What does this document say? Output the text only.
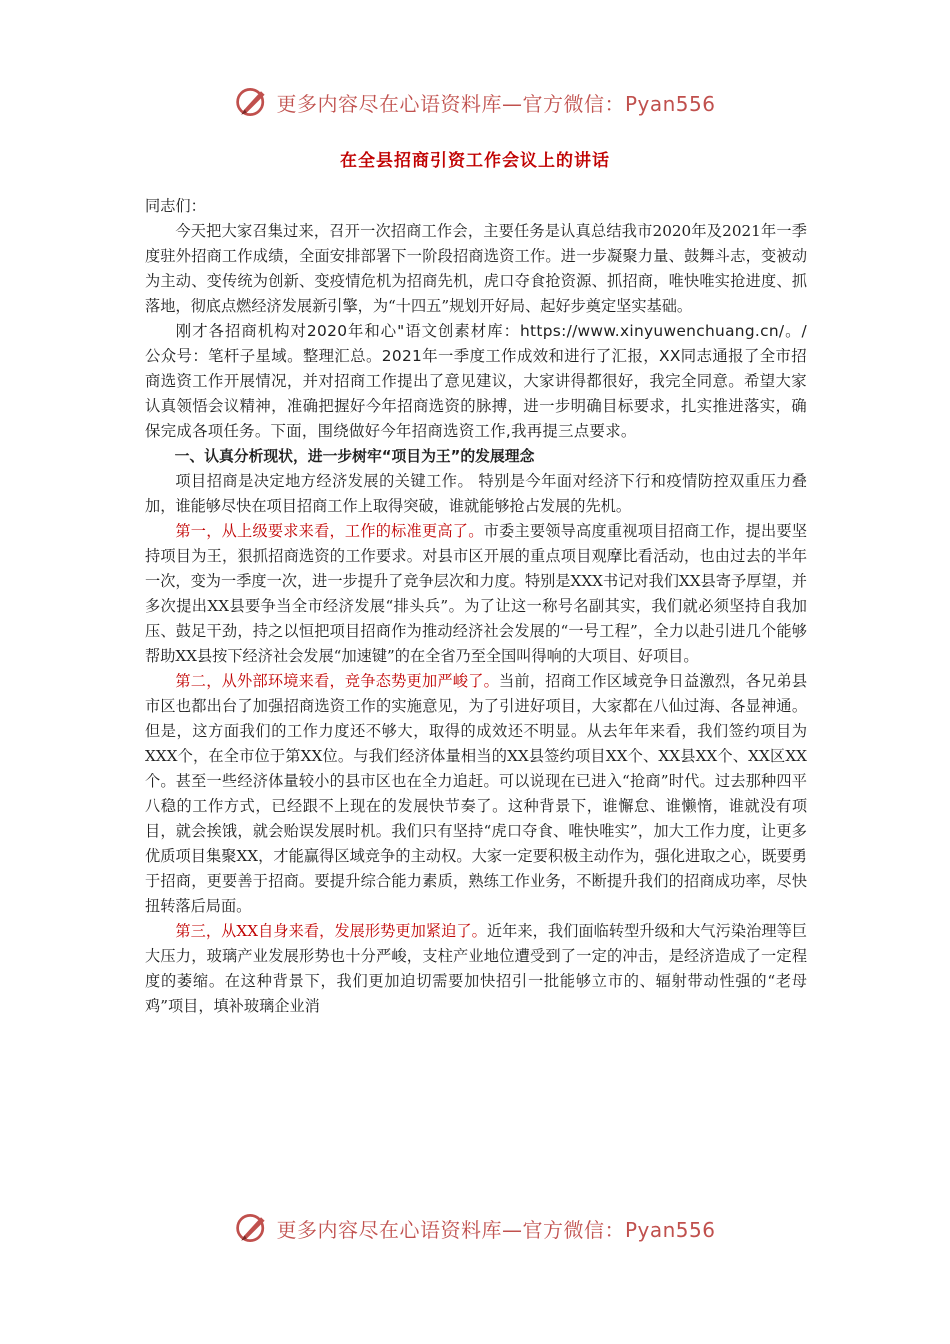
更多内容尽在心语资料库—官方微信：Pyan556
在全县招商引资工作会议上的讲话

同志们：

今天把大家召集过来，召开一次招商工作会，主要任务是认真总结我市2020年及2021年一季度驻外招商工作成绩，全面安排部署下一阶段招商选资工作。进一步凝聚力量、鼓舞斗志，变被动为主动、变传统为创新、变疫情危机为招商先机，虎口夺食抢资源、抓招商，唯快唯实抢进度、抓落地，彻底点燃经济发展新引擎，为“十四五”规划开好局、起好步奠定坚实基础。

刚才各招商机构对2020年和心"语文创素材库：https://www.xinyuwenchuang.cn/。/公众号：笔杆子星域。整理汇总。2021年一季度工作成效和进行了汇报，XX同志通报了全市招商选资工作开展情况，并对招商工作提出了意见建议，大家讲得都很好，我完全同意。希望大家认真领悟会议精神，准确把握好今年招商选资的脉搏，进一步明确目标要求，扎实推进落实，确保完成各项任务。下面，围绕做好今年招商选资工作,我再提三点要求。

一、认真分析现状，进一步树牢“项目为王”的发展理念

项目招商是决定地方经济发展的关键工作。 特别是今年面对经济下行和疫情防控双重压力叠加，谁能够尽快在项目招商工作上取得突破，谁就能够抢占发展的先机。

第一，从上级要求来看，工作的标准更高了。市委主要领导高度重视项目招商工作，提出要坚持项目为王，狠抓招商选资的工作要求。对县市区开展的重点项目观摩比看活动，也由过去的半年一次，变为一季度一次，进一步提升了竞争层次和力度。特别是XXX书记对我们XX县寄予厚望，并多次提出XX县要争当全市经济发展“排头兵”。为了让这一称号名副其实，我们就必须坚持自我加压、鼓足干劲，持之以恒把项目招商作为推动经济社会发展的“一号工程”，全力以赴引进几个能够帮助XX县按下经济社会发展“加速键”的在全省乃至全国叫得响的大项目、好项目。

第二，从外部环境来看，竞争态势更加严峻了。当前，招商工作区域竞争日益激烈，各兄弟县市区也都出台了加强招商选资工作的实施意见，为了引进好项目，大家都在八仙过海、各显神通。但是，这方面我们的工作力度还不够大，取得的成效还不明显。从去年年来看，我们签约项目为XXX个，在全市位于第XX位。与我们经济体量相当的XX县签约项目XX个、XX县XX个、XX区XX个。甚至一些经济体量较小的县市区也在全力追赶。可以说现在已进入“抢商”时代。过去那种四平八稳的工作方式，已经跟不上现在的发展快节奏了。这种背景下，谁懈怠、谁懒惰，谁就没有项目，就会挨饿，就会贻误发展时机。我们只有坚持“虎口夺食、唯快唯实”，加大工作力度，让更多优质项目集聚XX，才能赢得区域竞争的主动权。大家一定要积极主动作为，强化进取之心，既要勇于招商，更要善于招商。要提升综合能力素质，熟练工作业务，不断提升我们的招商成功率，尽快扭转落后局面。

第三，从XX自身来看，发展形势更加紧迫了。近年来，我们面临转型升级和大气污染治理等巨大压力，玻璃产业发展形势也十分严峻，支柱产业地位遭受到了一定的冲击，是经济造成了一定程度的萎缩。在这种背景下，我们更加迫切需要加快招引一批能够立市的、辐射带动性强的“老母鸡”项目，填补玻璃企业消

更多内容尽在心语资料库—官方微信：Pyan556
